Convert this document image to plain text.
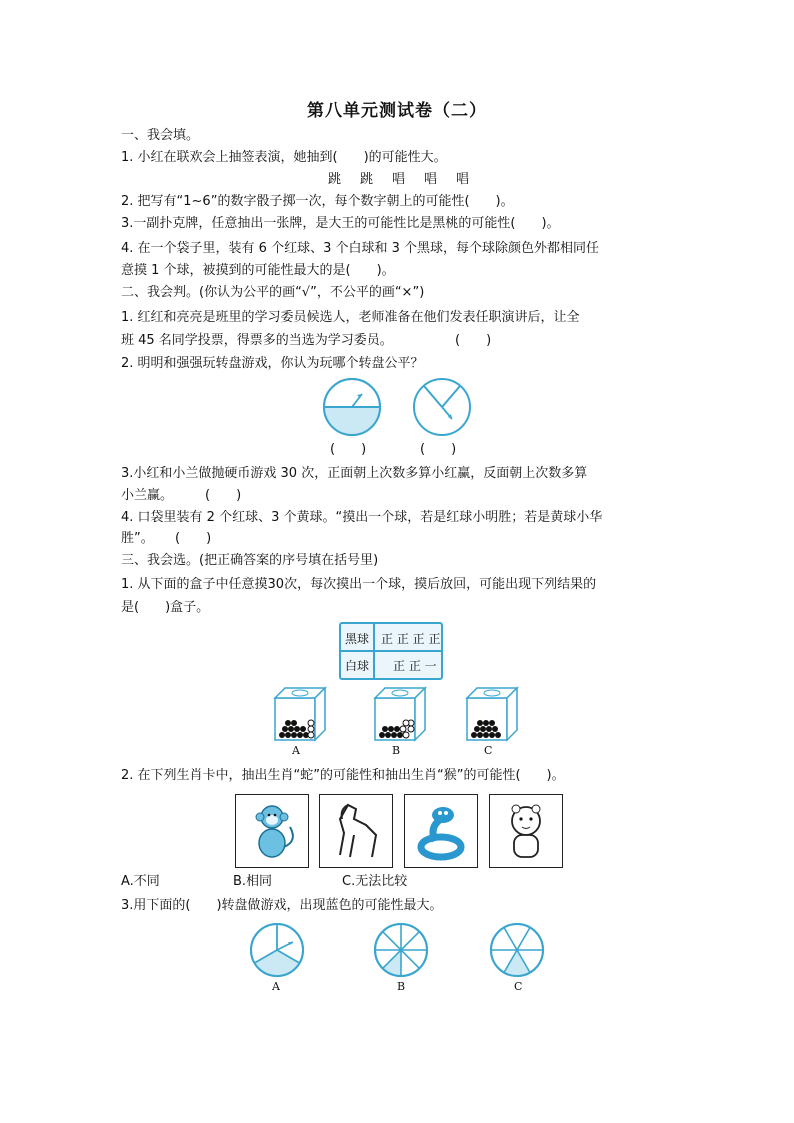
第八单元测试卷（二）
一、我会填。
1. 小红在联欢会上抽签表演，她抽到(　　)的可能性大。
跳 跳 唱 唱 唱
2. 把写有“1~6”的数字骰子掷一次，每个数字朝上的可能性(　　)。
3.一副扑克牌，任意抽出一张牌，是大王的可能性比是黑桃的可能性(　　)。
4. 在一个袋子里，装有 6 个红球、3 个白球和 3 个黑球，每个球除颜色外都相同任
意摸 1 个球，被摸到的可能性最大的是(　　)。
二、我会判。(你认为公平的画“√”，不公平的画“×”)
1. 红红和亮亮是班里的学习委员候选人，老师准备在他们发表任职演讲后，让全
班 45 名同学投票，得票多的当选为学习委员。	(　　)
2. 明明和强强玩转盘游戏，你认为玩哪个转盘公平？
(　　)	(　　)
3.小红和小兰做抛硬币游戏 30 次，正面朝上次数多算小红赢，反面朝上次数多算
小兰赢。 (　　)
4. 口袋里装有 2 个红球、3 个黄球。“摸出一个球，若是红球小明胜；若是黄球小华
胜”。 (　　)
三、我会选。(把正确答案的序号填在括号里)
1. 从下面的盒子中任意摸30次，每次摸出一个球，摸后放回，可能出现下列结果的
是(　　)盒子。
黑球 正 正 正 正
白球 正 正 一
A	B	C
2. 在下列生肖卡中，抽出生肖“蛇”的可能性和抽出生肖“猴”的可能性(　　)。
A.不同	B.相同	C.无法比较
3.用下面的(　　)转盘做游戏，出现蓝色的可能性最大。
A	B	C
